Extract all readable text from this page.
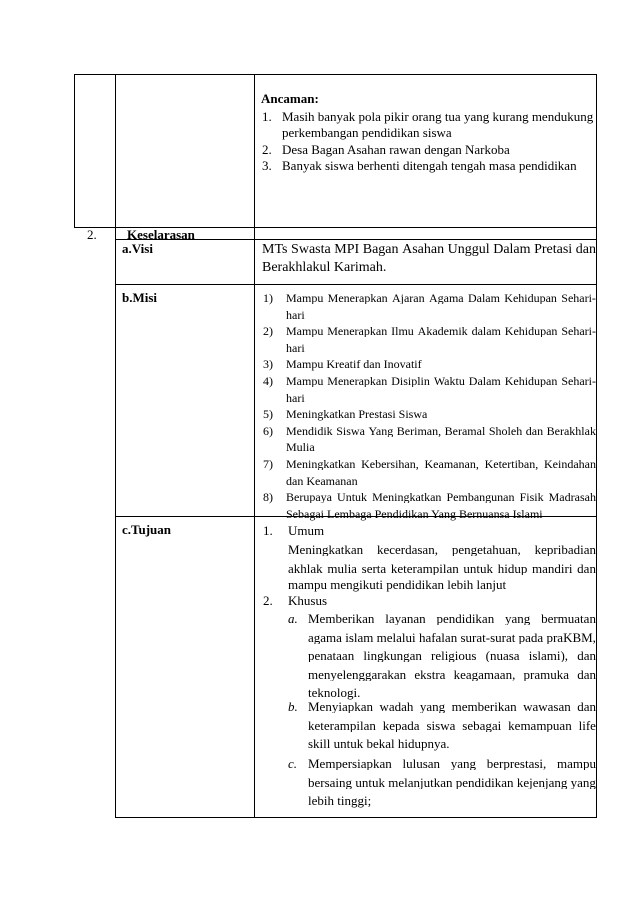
Ancaman:
1. Masih banyak pola pikir orang tua yang kurang mendukung
perkembangan pendidikan siswa
2. Desa Bagan Asahan rawan dengan Narkoba
3. Banyak siswa berhenti ditengah tengah masa pendidikan
2. Keselarasan
a.Visi	MTs Swasta MPI Bagan Asahan Unggul Dalam Pretasi dan
Berakhlakul Karimah.
b.Misi
c.Tujuan	1. Umum
2. Khusus
1) Mampu Menerapkan Ajaran Agama Dalam Kehidupan Sehari-
hari
2) Mampu Menerapkan Ilmu Akademik dalam Kehidupan Sehari-
hari
3) Mampu Kreatif dan Inovatif
4) Mampu Menerapkan Disiplin Waktu Dalam Kehidupan Sehari-
hari
5) Meningkatkan Prestasi Siswa
6) Mendidik Siswa Yang Beriman, Beramal Sholeh dan Berakhlak
Mulia
7) Meningkatkan Kebersihan, Keamanan, Ketertiban, Keindahan
dan Keamanan
8) Berupaya Untuk Meningkatkan Pembangunan Fisik Madrasah
Sebagai Lembaga Pendidikan Yang Bernuansa Islami
Meningkatkan kecerdasan, pengetahuan, kepribadian
akhlak mulia serta keterampilan untuk hidup mandiri dan
mampu mengikuti pendidikan lebih lanjut
a. Memberikan layanan pendidikan yang bermuatan
agama islam melalui hafalan surat-surat pada praKBM,
penataan lingkungan religious (nuasa islami), dan
menyelenggarakan ekstra keagamaan, pramuka dan
teknologi.
b. Menyiapkan wadah yang memberikan wawasan dan
keterampilan kepada siswa sebagai kemampuan life
skill untuk bekal hidupnya.
c. Mempersiapkan lulusan yang berprestasi, mampu
bersaing untuk melanjutkan pendidikan kejenjang yang
lebih tinggi;
